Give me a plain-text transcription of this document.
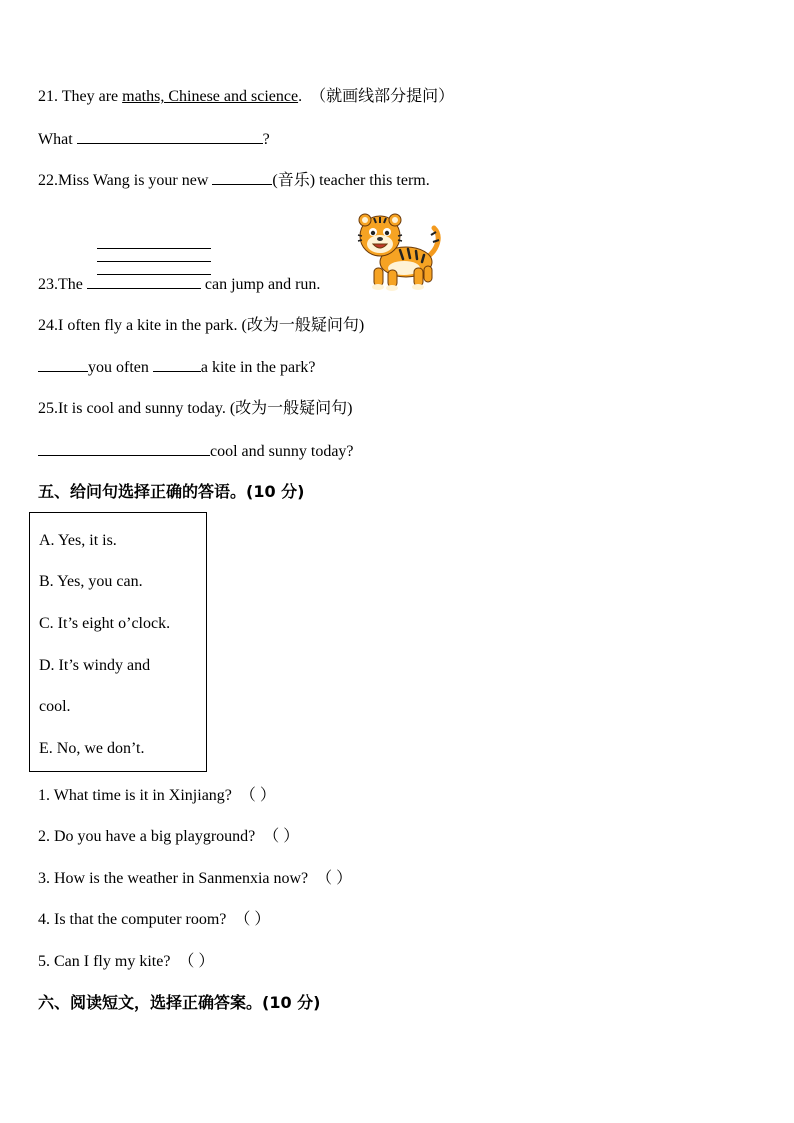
21. They are maths, Chinese and science. （就画线部分提问）
What	?
22.Miss Wang is your new	(音乐) teacher this term.
23.The	can jump and run.
24.I often fly a kite in the park. (改为一般疑问句)
you often	a kite in the park?
25.It is cool and sunny today. (改为一般疑问句)
cool and sunny today?
五、给问句选择正确的答语。(10 分)
A. Yes, it is.
B. Yes, you can.
C. It’s eight o’clock.
D. It’s windy and
cool.
E. No, we don’t.
1. What time is it in Xinjiang? （ ）
2. Do you have a big playground? （ ）
3. How is the weather in Sanmenxia now? （ ）
4. Is that the computer room? （ ）
5. Can I fly my kite? （ ）
六、阅读短文，选择正确答案。(10 分)
